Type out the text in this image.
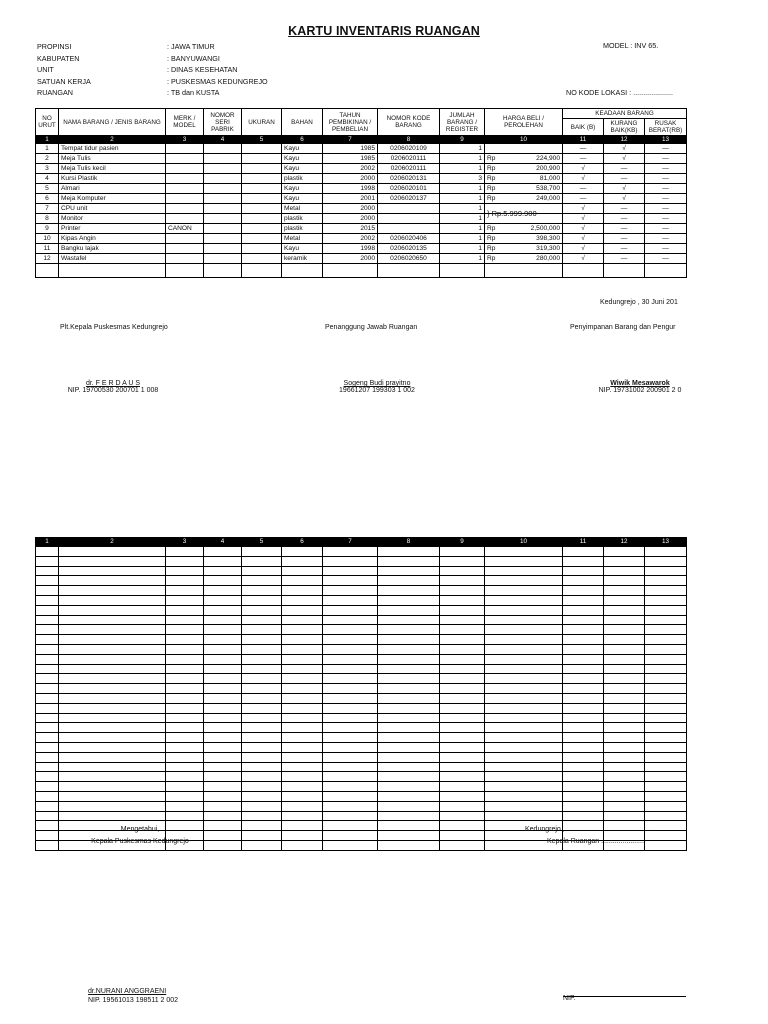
KARTU INVENTARIS RUANGAN
PROPINSI	: JAWA TIMUR
KABUPATEN	: BANYUWANGI
UNIT	: DINAS KESEHATAN
SATUAN KERJA	: PUSKESMAS KEDUNGREJO
RUANGAN	: TB dan KUSTA
MODEL : INV 65.
NO KODE LOKASI : ....................
NO URUT	NAMA BARANG / JENIS BARANG	MERK / MODEL	NOMOR SERI PABRIK	UKURAN	BAHAN	TAHUN PEMBIKINAN / PEMBELIAN	NOMOR KODE BARANG	JUMLAH BARANG / REGISTER	HARGA BELI / PEROLEHAN	KEADAAN BARANG		
										BAIK (B)	KURANG BAIK(KB)	RUSAK BERAT(RB)
1	2	3	4	5	6	7	8	9	10	11	12	13
1	Tempat tidur pasien				Kayu	1985	0206020109	1		—	√	—
2	Meja Tulis				Kayu	1985	0206020111	1	Rp 224,900	—	√	—
3	Meja Tulis kecil				Kayu	2002	0206020111	1	Rp 200,900	√	—	—
4	Kursi Plastik				plastik	2000	0206020131	3	Rp 81,000	√	—	—
5	Almari				Kayu	1998	0206020101	1	Rp 538,700	—	√	—
6	Meja Komputer				Kayu	2001	0206020137	1	Rp 249,000	—	√	—
7	CPU unit				Metal	2000		1	} Rp.5.999.900	√	—	—
8	Monitor				plastik	2000		1		√	—	—
9	Printer	CANON			plastik	2015		1	Rp 2,500,000	√	—	—
10	Kipas Angin				Metal	2002	0206020406	1	Rp 398,300	√	—	—
11	Bangku lajak				Kayu	1998	0206020135	1	Rp 319,300	√	—	—
12	Wastafel				keramik	2000	0206020650	1	Rp 280,000	√	—	—

Kedungrejo , 30 Juni 201
Plt.Kepala Puskesmas Kedungrejo	Penanggung Jawab Ruangan	Penyimpanan Barang dan Pengur
dr. F E R D A U S
NIP. 19700530 200701 1 008
Sogeng Budi prayitno
19661207 199303 1 002
Wiwik Mesawarok
NIP. 19731002 200901 2 0
1	2	3	4	5	6	7	8	9	10	11	12	13

Mengetahui,
Kepala Puskesmas Kedungrejo
Kedungrejo , ............................................
Kepala Ruangan ......................
dr.NURANI ANGGRAENI
NIP. 19561013 198511 2 002	NIP.
